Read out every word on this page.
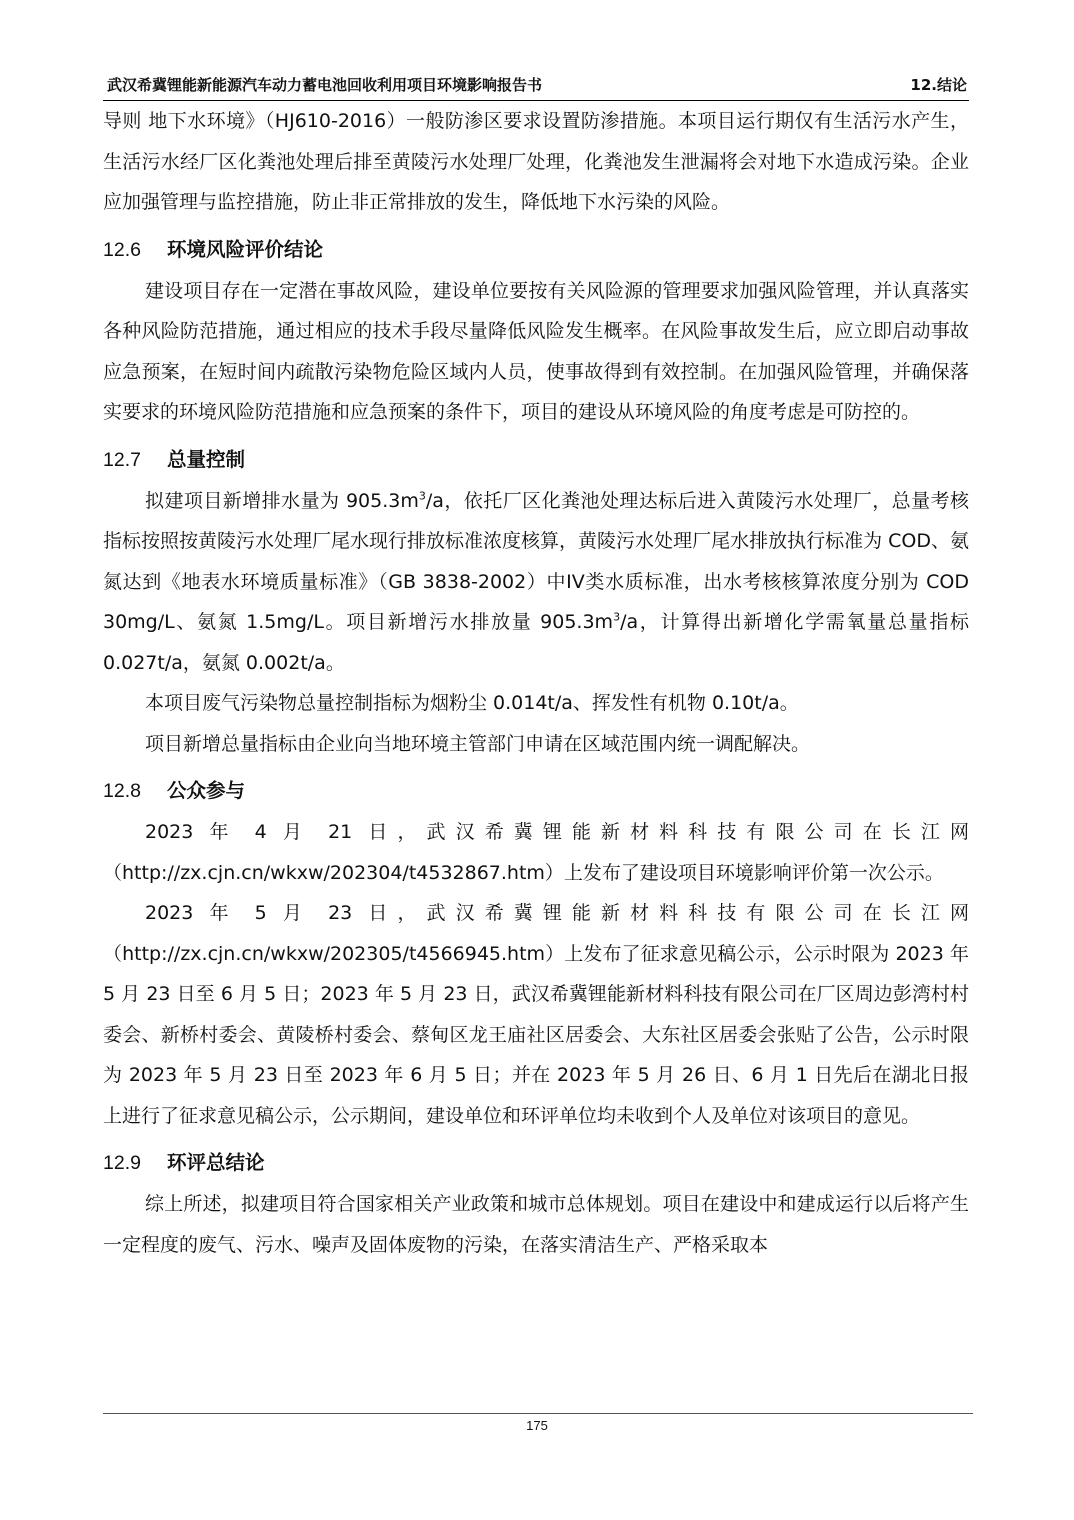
武汉希冀锂能新能源汽车动力蓄电池回收利用项目环境影响报告书	12.结论

导则 地下水环境》（HJ610-2016）一般防渗区要求设置防渗措施。本项目运行期仅有生活污水产生，生活污水经厂区化粪池处理后排至黄陵污水处理厂处理，化粪池发生泄漏将会对地下水造成污染。企业应加强管理与监控措施，防止非正常排放的发生，降低地下水污染的风险。

12.6 环境风险评价结论

建设项目存在一定潜在事故风险，建设单位要按有关风险源的管理要求加强风险管理，并认真落实各种风险防范措施，通过相应的技术手段尽量降低风险发生概率。在风险事故发生后，应立即启动事故应急预案，在短时间内疏散污染物危险区域内人员，使事故得到有效控制。在加强风险管理，并确保落实要求的环境风险防范措施和应急预案的条件下，项目的建设从环境风险的角度考虑是可防控的。

12.7 总量控制

拟建项目新增排水量为 $905.3m^3/a$，依托厂区化粪池处理达标后进入黄陵污水处理厂，总量考核指标按照按黄陵污水处理厂尾水现行排放标准浓度核算，黄陵污水处理厂尾水排放执行标准为 COD、氨氮达到《地表水环境质量标准》（GB 3838-2002）中IV类水质标准，出水考核核算浓度分别为 COD 30mg/L、氨氮 1.5mg/L。项目新增污水排放量 $905.3m^3/a$，计算得出新增化学需氧量总量指标 0.027t/a，氨氮 0.002t/a。

本项目废气污染物总量控制指标为烟粉尘 0.014t/a、挥发性有机物 0.10t/a。

项目新增总量指标由企业向当地环境主管部门申请在区域范围内统一调配解决。

12.8 公众参与

2023 年 4 月 21 日，武汉希冀锂能新材料科技有限公司在长江网（http://zx.cjn.cn/wkxw/202304/t4532867.htm）上发布了建设项目环境影响评价第一次公示。

2023 年 5 月 23 日，武汉希冀锂能新材料科技有限公司在长江网（http://zx.cjn.cn/wkxw/202305/t4566945.htm）上发布了征求意见稿公示，公示时限为 2023 年 5 月 23 日至 6 月 5 日；2023 年 5 月 23 日，武汉希冀锂能新材料科技有限公司在厂区周边彭湾村村委会、新桥村委会、黄陵桥村委会、蔡甸区龙王庙社区居委会、大东社区居委会张贴了公告，公示时限为 2023 年 5 月 23 日至 2023 年 6 月 5 日；并在 2023 年 5 月 26 日、6 月 1 日先后在湖北日报上进行了征求意见稿公示，公示期间，建设单位和环评单位均未收到个人及单位对该项目的意见。

12.9 环评总结论

综上所述，拟建项目符合国家相关产业政策和城市总体规划。项目在建设中和建成运行以后将产生一定程度的废气、污水、噪声及固体废物的污染，在落实清洁生产、严格采取本

175
